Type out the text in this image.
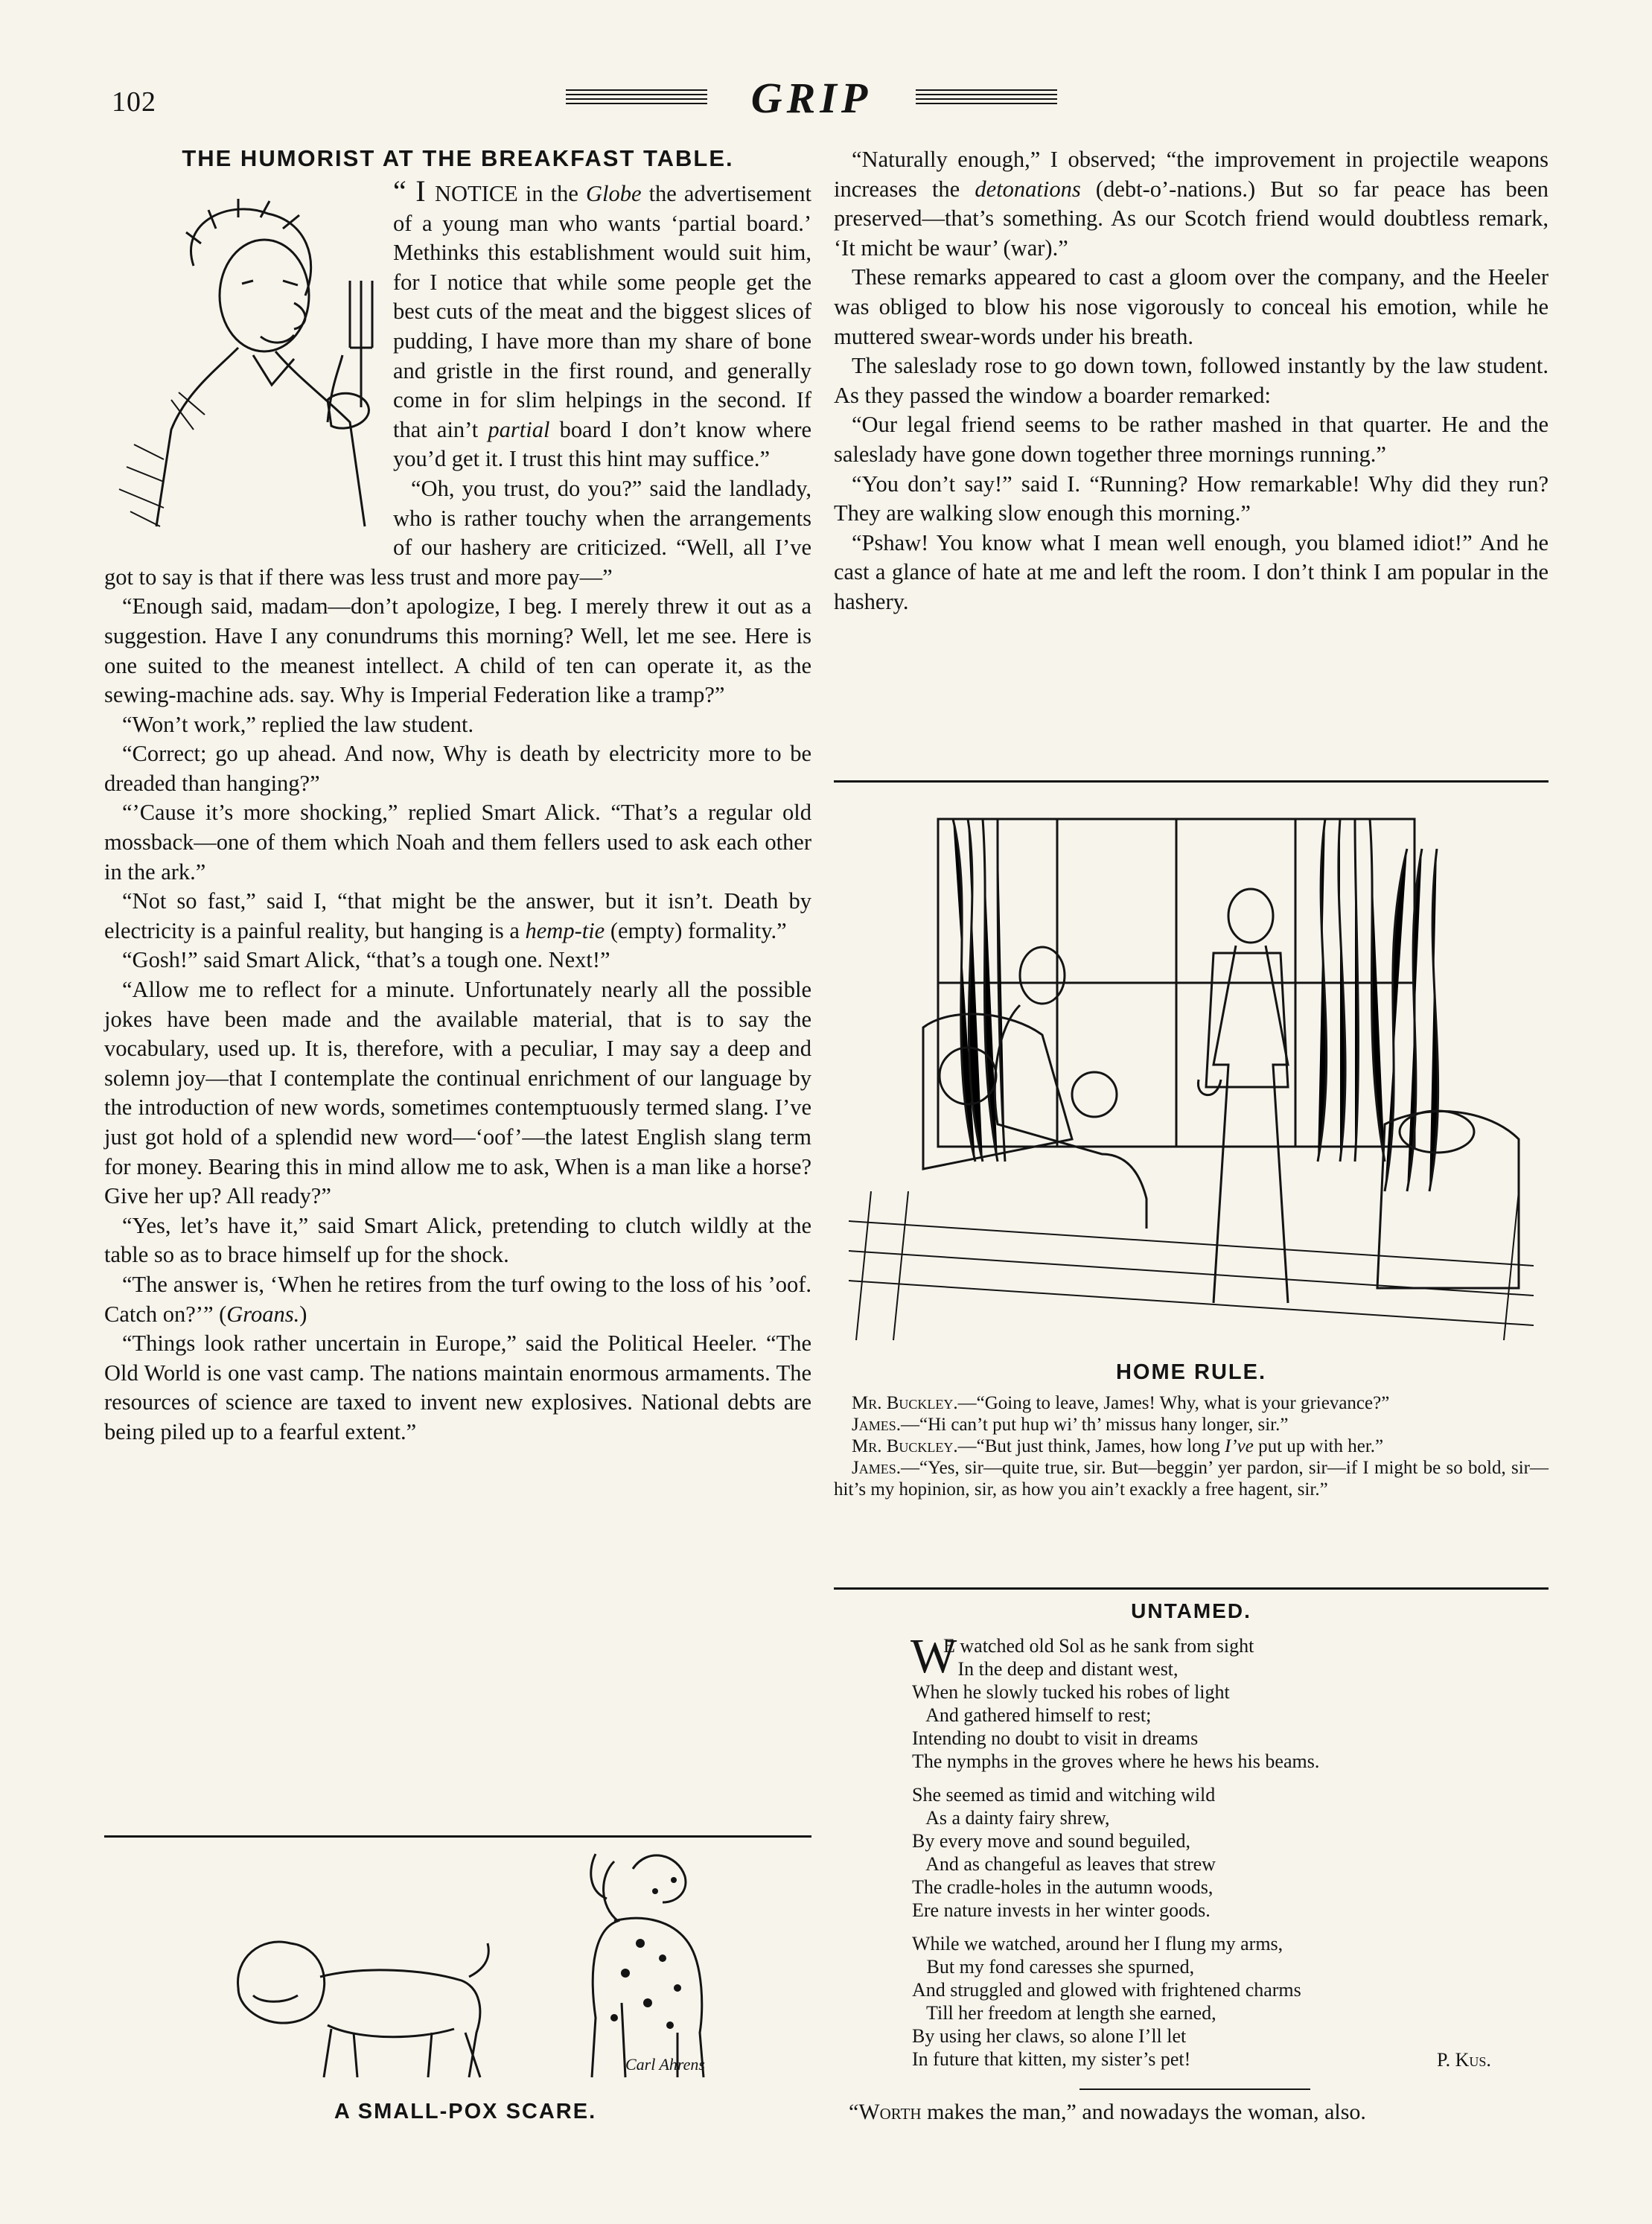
102	GRIP
THE HUMORIST AT THE BREAKFAST TABLE.

“ I NOTICE in the Globe the advertisement of a young man who wants ‘partial board.’ Methinks this establishment would suit him, for I notice that while some people get the best cuts of the meat and the biggest slices of pudding, I have more than my share of bone and gristle in the first round, and generally come in for slim helpings in the second. If that ain’t partial board I don’t know where you’d get it. I trust this hint may suffice.”

“Oh, you trust, do you?” said the landlady, who is rather touchy when the arrangements of our hashery are criticized. “Well, all I’ve got to say is that if there was less trust and more pay—”

“Enough said, madam—don’t apologize, I beg. I merely threw it out as a suggestion. Have I any conundrums this morning? Well, let me see. Here is one suited to the meanest intellect. A child of ten can operate it, as the sewing-machine ads. say. Why is Imperial Federation like a tramp?”

“Won’t work,” replied the law student.

“Correct; go up ahead. And now, Why is death by electricity more to be dreaded than hanging?”

“’Cause it’s more shocking,” replied Smart Alick. “That’s a regular old mossback—one of them which Noah and them fellers used to ask each other in the ark.”

“Not so fast,” said I, “that might be the answer, but it isn’t. Death by electricity is a painful reality, but hanging is a hemp-tie (empty) formality.”

“Gosh!” said Smart Alick, “that’s a tough one. Next!”

“Allow me to reflect for a minute. Unfortunately nearly all the possible jokes have been made and the available material, that is to say the vocabulary, used up. It is, therefore, with a peculiar, I may say a deep and solemn joy—that I contemplate the continual enrichment of our language by the introduction of new words, sometimes contemptuously termed slang. I’ve just got hold of a splendid new word—‘oof’—the latest English slang term for money. Bearing this in mind allow me to ask, When is a man like a horse? Give her up? All ready?”

“Yes, let’s have it,” said Smart Alick, pretending to clutch wildly at the table so as to brace himself up for the shock.

“The answer is, ‘When he retires from the turf owing to the loss of his ’oof. Catch on?’” (Groans.)

“Things look rather uncertain in Europe,” said the Political Heeler. “The Old World is one vast camp. The nations maintain enormous armaments. The resources of science are taxed to invent new explosives. National debts are being piled up to a fearful extent.”

Carl Ahrens
A SMALL-POX SCARE.

“Naturally enough,” I observed; “the improvement in projectile weapons increases the detonations (debt-o’-nations.) But so far peace has been preserved—that’s something. As our Scotch friend would doubtless remark, ‘It micht be waur’ (war).”

These remarks appeared to cast a gloom over the company, and the Heeler was obliged to blow his nose vigorously to conceal his emotion, while he muttered swear-words under his breath.

The saleslady rose to go down town, followed instantly by the law student. As they passed the window a boarder remarked:

“Our legal friend seems to be rather mashed in that quarter. He and the saleslady have gone down together three mornings running.”

“You don’t say!” said I. “Running? How remarkable! Why did they run? They are walking slow enough this morning.”

“Pshaw! You know what I mean well enough, you blamed idiot!” And he cast a glance of hate at me and left the room. I don’t think I am popular in the hashery.

HOME RULE.

Mr. Buckley.—“Going to leave, James! Why, what is your grievance?”

James.—“Hi can’t put hup wi’ th’ missus hany longer, sir.”

Mr. Buckley.—“But just think, James, how long I’ve put up with her.”

James.—“Yes, sir—quite true, sir. But—beggin’ yer pardon, sir—if I might be so bold, sir—hit’s my hopinion, sir, as how you ain’t exackly a free hagent, sir.”

UNTAMED.
W
E watched old Sol as he sank from sight
In the deep and distant west,
When he slowly tucked his robes of light
And gathered himself to rest;
Intending no doubt to visit in dreams
The nymphs in the groves where he hews his beams.
She seemed as timid and witching wild
As a dainty fairy shrew,
By every move and sound beguiled,
And as changeful as leaves that strew
The cradle-holes in the autumn woods,
Ere nature invests in her winter goods.
While we watched, around her I flung my arms,
But my fond caresses she spurned,
And struggled and glowed with frightened charms
Till her freedom at length she earned,
By using her claws, so alone I’ll let
In future that kitten, my sister’s pet!	P. Kus.
“Worth makes the man,” and nowadays the woman, also.
